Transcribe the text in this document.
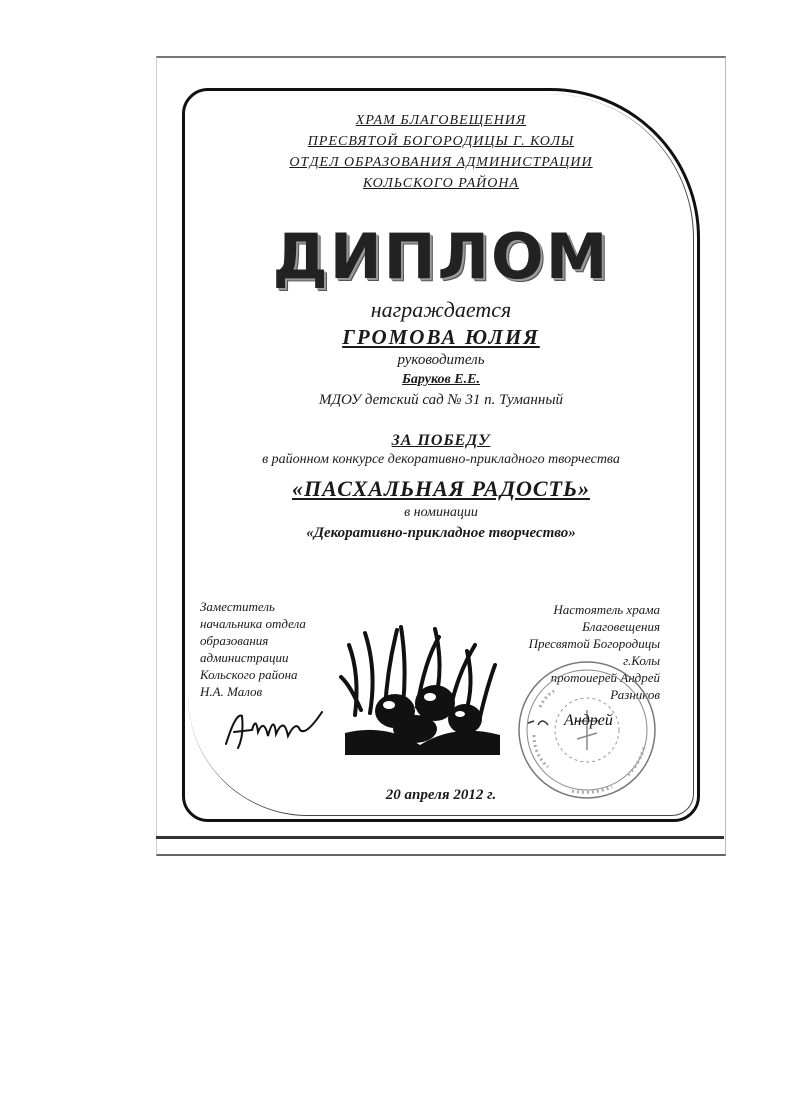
ХРАМ БЛАГОВЕЩЕНИЯ
ПРЕСВЯТОЙ БОГОРОДИЦЫ Г. КОЛЫ
ОТДЕЛ ОБРАЗОВАНИЯ АДМИНИСТРАЦИИ
КОЛЬСКОГО РАЙОНА
ДИПЛОМ
награждается
ГРОМОВА ЮЛИЯ
руководитель
Баруков Е.Е.
МДОУ детский сад № 31 п. Туманный
ЗА ПОБЕДУ
в районном конкурсе декоративно-прикладного творчества
«ПАСХАЛЬНАЯ РАДОСТЬ»
в номинации
«Декоративно-прикладное творчество»
Заместитель
начальника отдела
образования
администрации
Кольского района
Н.А. Малов
Настоятель храма
Благовещения
Пресвятой Богородицы
г.Колы
протоиерей Андрей
Разников
Андрей
20 апреля 2012 г.
